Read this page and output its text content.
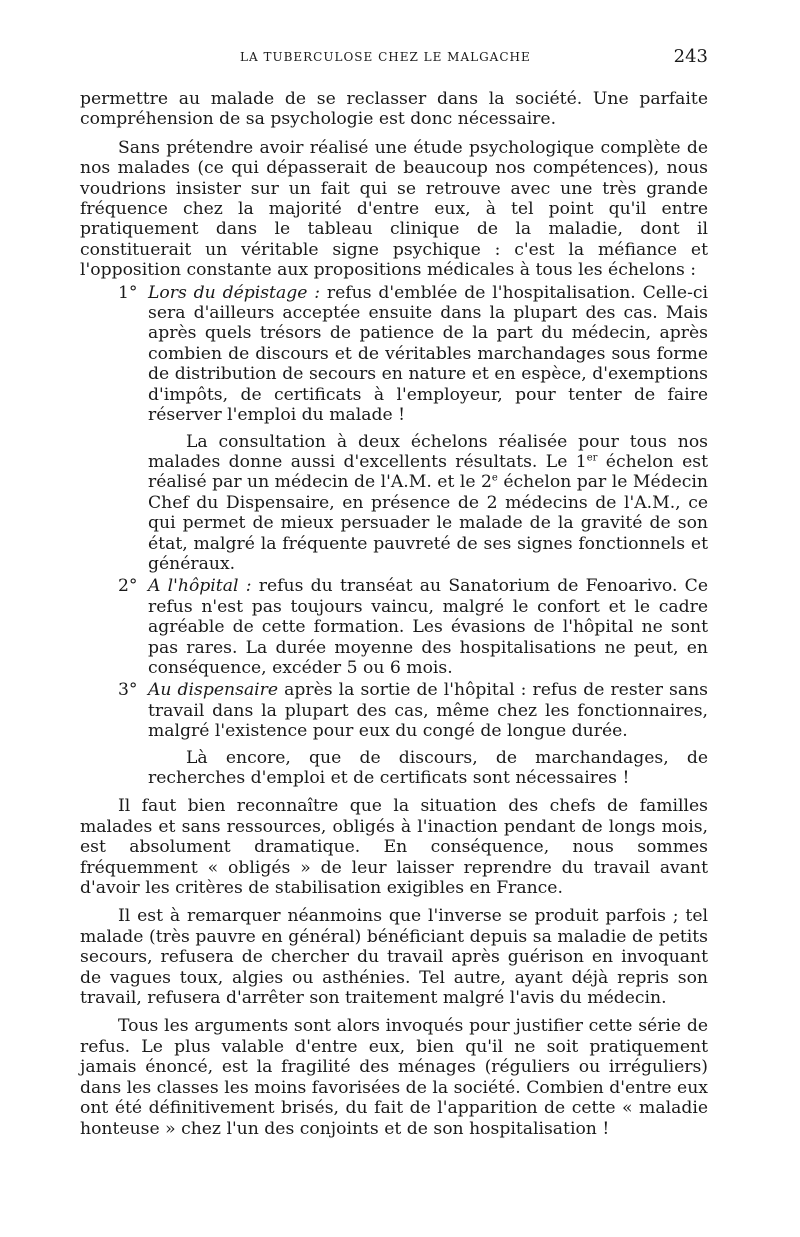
LA TUBERCULOSE CHEZ LE MALGACHE	243

permettre au malade de se reclasser dans la société. Une parfaite compréhension de sa psychologie est donc nécessaire.

Sans prétendre avoir réalisé une étude psychologique complète de nos malades (ce qui dépasserait de beaucoup nos compétences), nous voudrions insister sur un fait qui se retrouve avec une très grande fréquence chez la majorité d'entre eux, à tel point qu'il entre pratiquement dans le tableau clinique de la maladie, dont il constituerait un véritable signe psychique : c'est la méfiance et l'opposition constante aux propositions médicales à tous les échelons :

1° Lors du dépistage : refus d'emblée de l'hospitalisation. Celle-ci sera d'ailleurs acceptée ensuite dans la plupart des cas. Mais après quels trésors de patience de la part du médecin, après combien de discours et de véritables marchandages sous forme de distribution de secours en nature et en espèce, d'exemptions d'impôts, de certificats à l'employeur, pour tenter de faire réserver l'emploi du malade !

La consultation à deux échelons réalisée pour tous nos malades donne aussi d'excellents résultats. Le 1er échelon est réalisé par un médecin de l'A.M. et le 2e échelon par le Médecin Chef du Dispensaire, en présence de 2 médecins de l'A.M., ce qui permet de mieux persuader le malade de la gravité de son état, malgré la fréquente pauvreté de ses signes fonctionnels et généraux.

2° A l'hôpital : refus du transéat au Sanatorium de Fenoarivo. Ce refus n'est pas toujours vaincu, malgré le confort et le cadre agréable de cette formation. Les évasions de l'hôpital ne sont pas rares. La durée moyenne des hospitalisations ne peut, en conséquence, excéder 5 ou 6 mois.

3° Au dispensaire après la sortie de l'hôpital : refus de rester sans travail dans la plupart des cas, même chez les fonctionnaires, malgré l'existence pour eux du congé de longue durée.

Là encore, que de discours, de marchandages, de recherches d'emploi et de certificats sont nécessaires !

Il faut bien reconnaître que la situation des chefs de familles malades et sans ressources, obligés à l'inaction pendant de longs mois, est absolument dramatique. En conséquence, nous sommes fréquemment « obligés » de leur laisser reprendre du travail avant d'avoir les critères de stabilisation exigibles en France.

Il est à remarquer néanmoins que l'inverse se produit parfois ; tel malade (très pauvre en général) bénéficiant depuis sa maladie de petits secours, refusera de chercher du travail après guérison en invoquant de vagues toux, algies ou asthénies. Tel autre, ayant déjà repris son travail, refusera d'arrêter son traitement malgré l'avis du médecin.

Tous les arguments sont alors invoqués pour justifier cette série de refus. Le plus valable d'entre eux, bien qu'il ne soit pratiquement jamais énoncé, est la fragilité des ménages (réguliers ou irréguliers) dans les classes les moins favorisées de la société. Combien d'entre eux ont été définitivement brisés, du fait de l'apparition de cette « maladie honteuse » chez l'un des conjoints et de son hospitalisation !
